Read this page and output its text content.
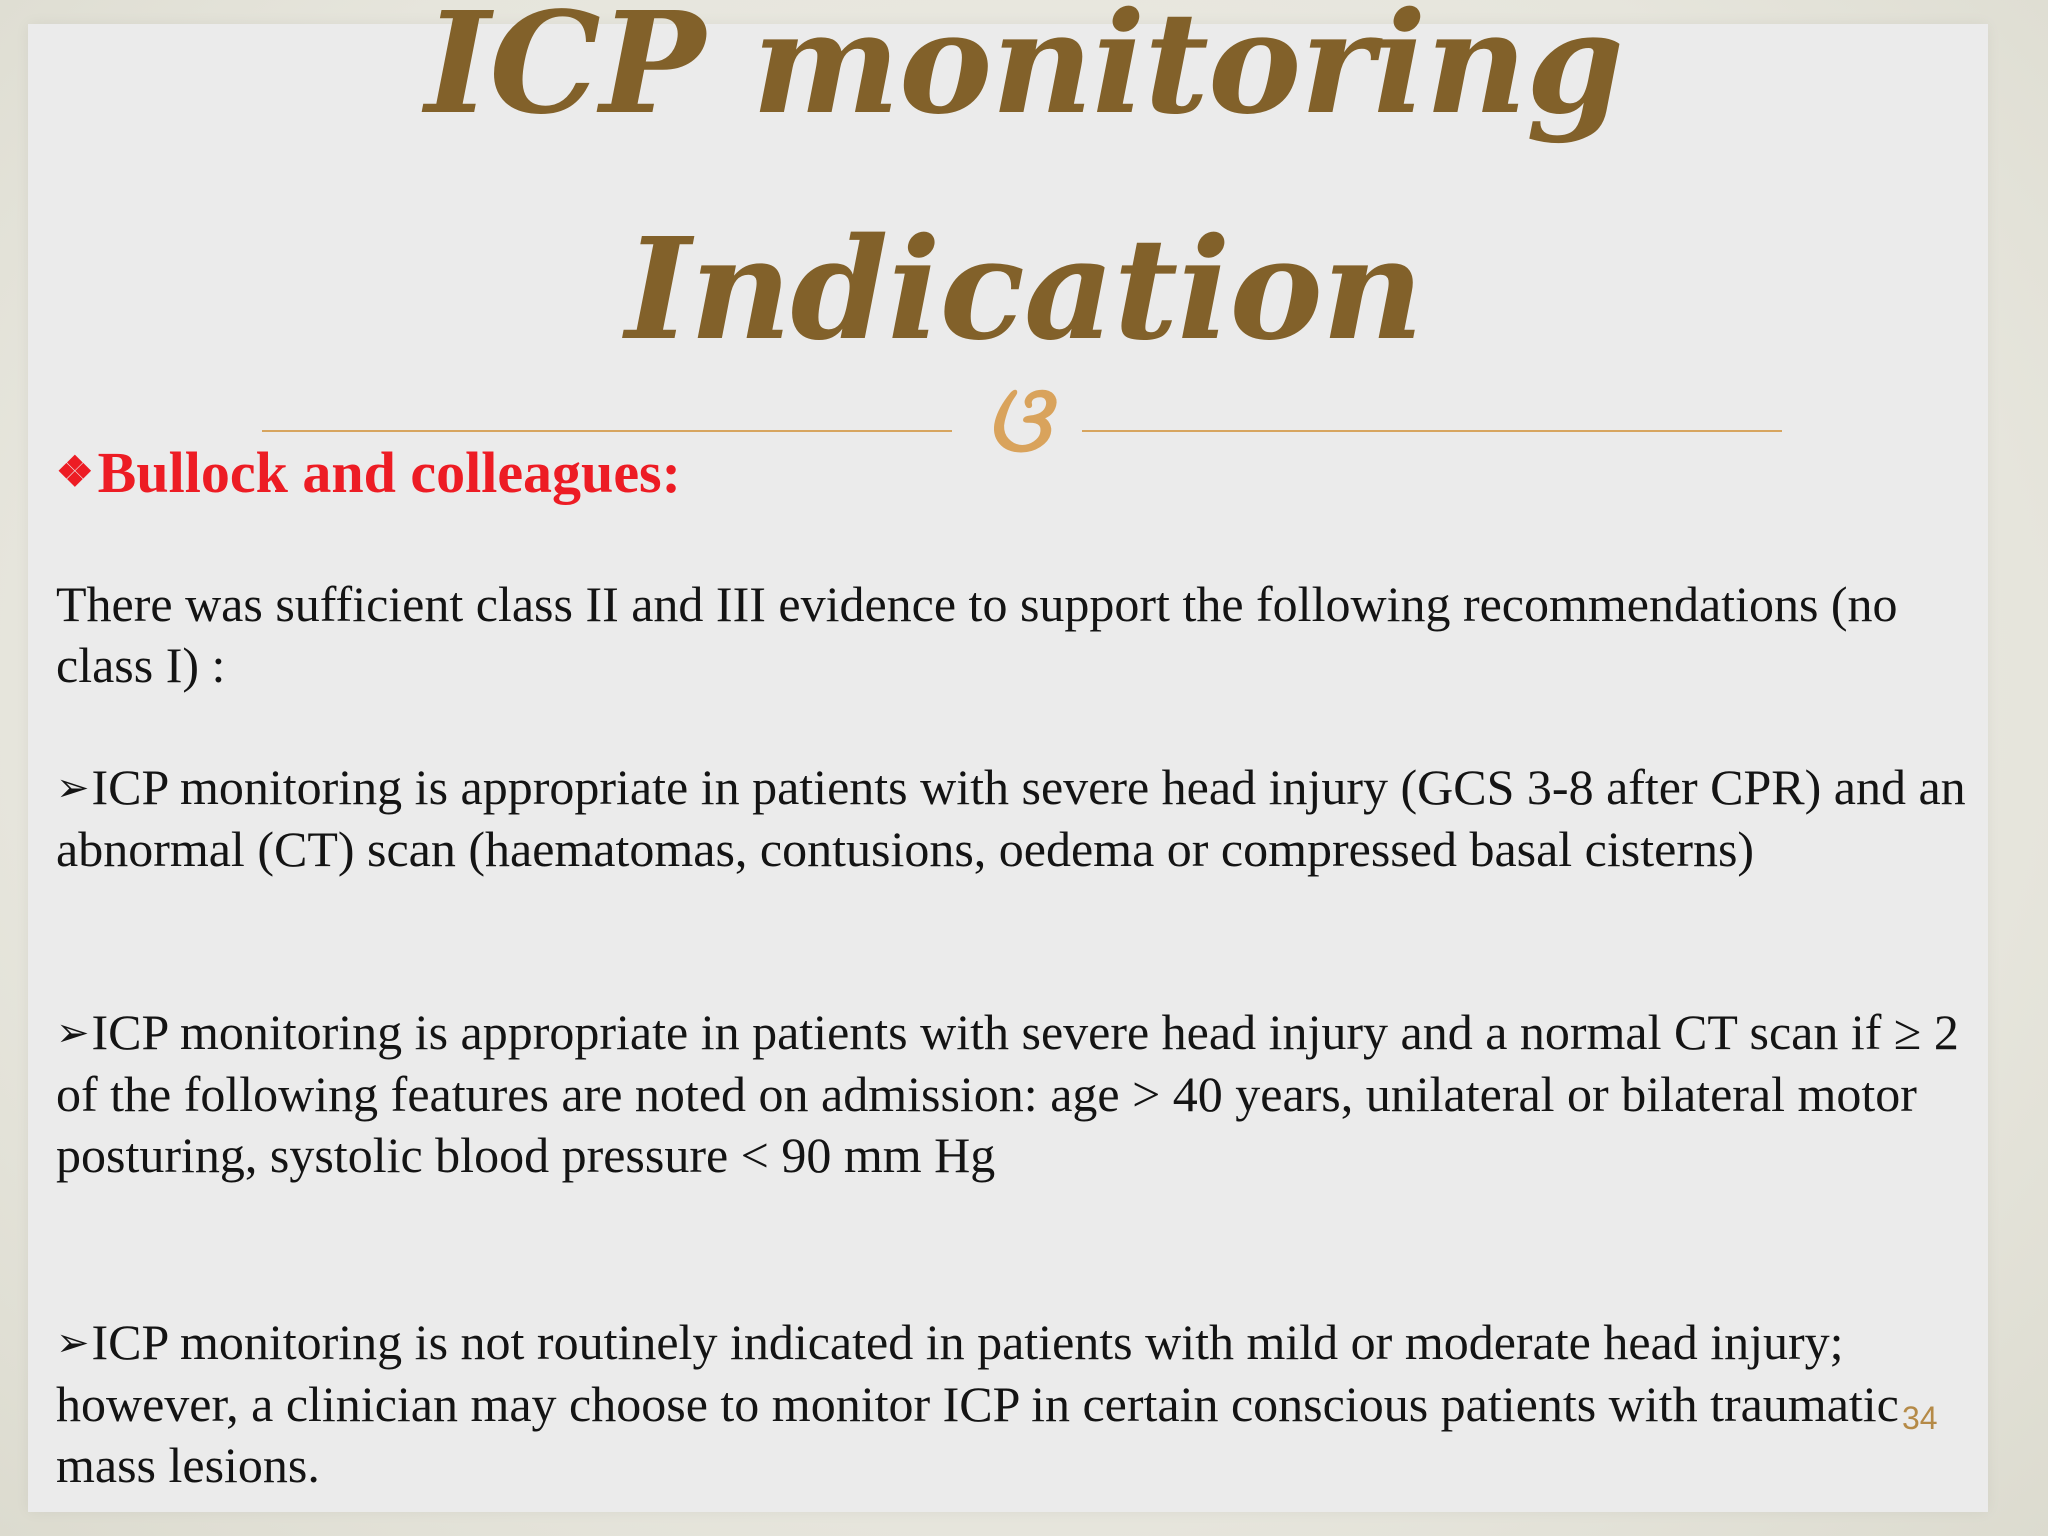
ICP monitoring
Indication
ଓ
❖Bullock and colleagues:
There was sufficient class II and III evidence to support the following recommendations (no class I) :
➢ICP monitoring is appropriate in patients with severe head injury (GCS 3-8 after CPR) and an abnormal (CT) scan (haematomas, contusions, oedema or compressed basal cisterns)
➢ICP monitoring is appropriate in patients with severe head injury and a normal CT scan if ≥ 2 of the following features are noted on admission: age > 40 years, unilateral or bilateral motor posturing, systolic blood pressure < 90 mm Hg
➢ICP monitoring is not routinely indicated in patients with mild or moderate head injury; however, a clinician may choose to monitor ICP in certain conscious patients with traumatic mass lesions.
34
